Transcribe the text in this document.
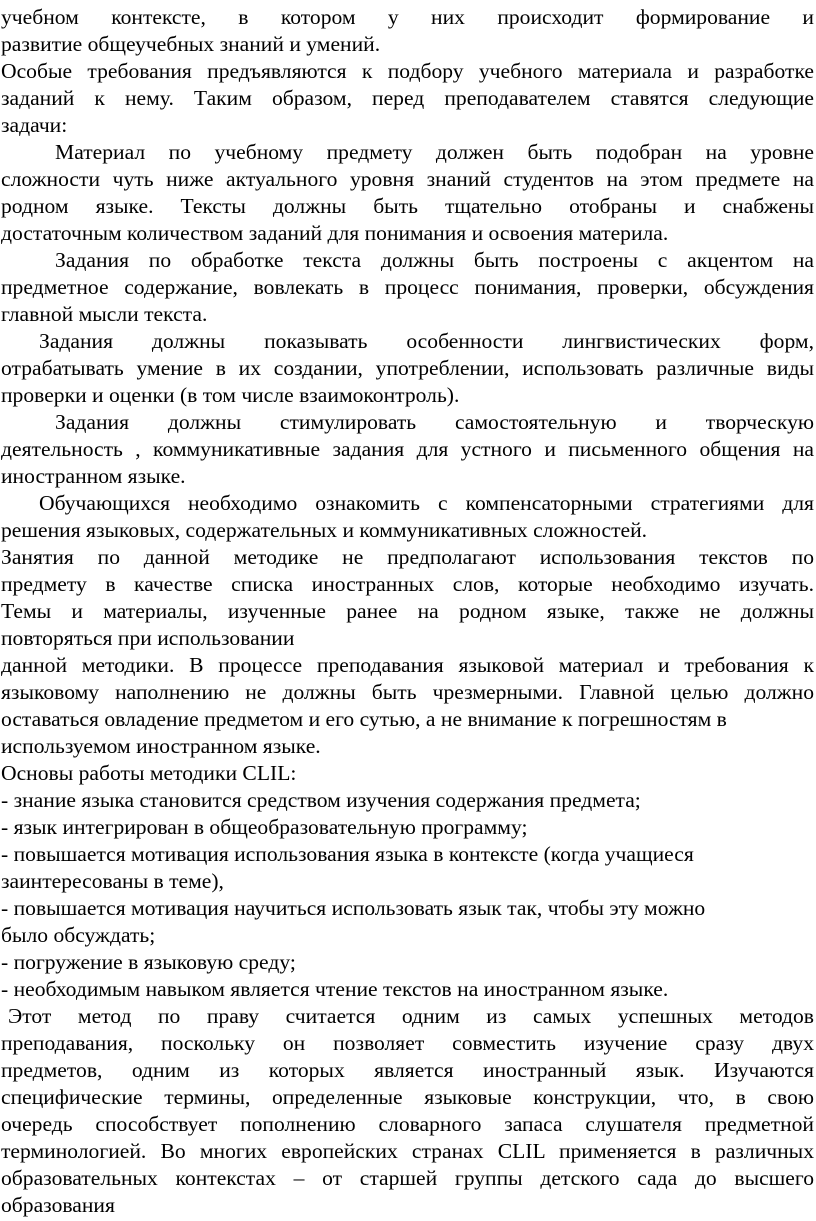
учебном контексте, в котором у них происходит формирование и
развитие общеучебных знаний и умений.
Особые требования предъявляются к подбору учебного материала и разработке
заданий к нему. Таким образом, перед преподавателем ставятся следующие
задачи:
Материал по учебному предмету должен быть подобран на уровне
сложности чуть ниже актуального уровня знаний студентов на этом предмете на
родном языке. Тексты должны быть тщательно отобраны и снабжены
достаточным количеством заданий для понимания и освоения материла.
Задания по обработке текста должны быть построены с акцентом на
предметное содержание, вовлекать в процесс понимания, проверки, обсуждения
главной мысли текста.
Задания должны показывать особенности лингвистических форм,
отрабатывать умение в их создании, употреблении, использовать различные виды
проверки и оценки (в том числе взаимоконтроль).
Задания должны стимулировать самостоятельную и творческую
деятельность , коммуникативные задания для устного и письменного общения на
иностранном языке.
Обучающихся необходимо ознакомить с компенсаторными стратегиями для
решения языковых, содержательных и коммуникативных сложностей.
Занятия по данной методике не предполагают использования текстов по
предмету в качестве списка иностранных слов, которые необходимо изучать.
Темы и материалы, изученные ранее на родном языке, также не должны
повторяться при использовании
данной методики. В процессе преподавания языковой материал и требования к
языковому наполнению не должны быть чрезмерными. Главной целью должно
оставаться овладение предметом и его сутью, а не внимание к погрешностям в
используемом иностранном языке.
Основы работы методики CLIL:
- знание языка становится средством изучения содержания предмета;
- язык интегрирован в общеобразовательную программу;
- повышается мотивация использования языка в контексте (когда учащиеся
заинтересованы в теме),
- повышается мотивация научиться использовать язык так, чтобы эту можно
было обсуждать;
- погружение в языковую среду;
- необходимым навыком является чтение текстов на иностранном языке.
Этот метод по праву считается одним из самых успешных методов
преподавания, поскольку он позволяет совместить изучение сразу двух
предметов, одним из которых является иностранный язык. Изучаются
специфические термины, определенные языковые конструкции, что, в свою
очередь способствует пополнению словарного запаса слушателя предметной
терминологией. Во многих европейских странах CLIL применяется в различных
образовательных контекстах – от старшей группы детского сада до высшего
образования
